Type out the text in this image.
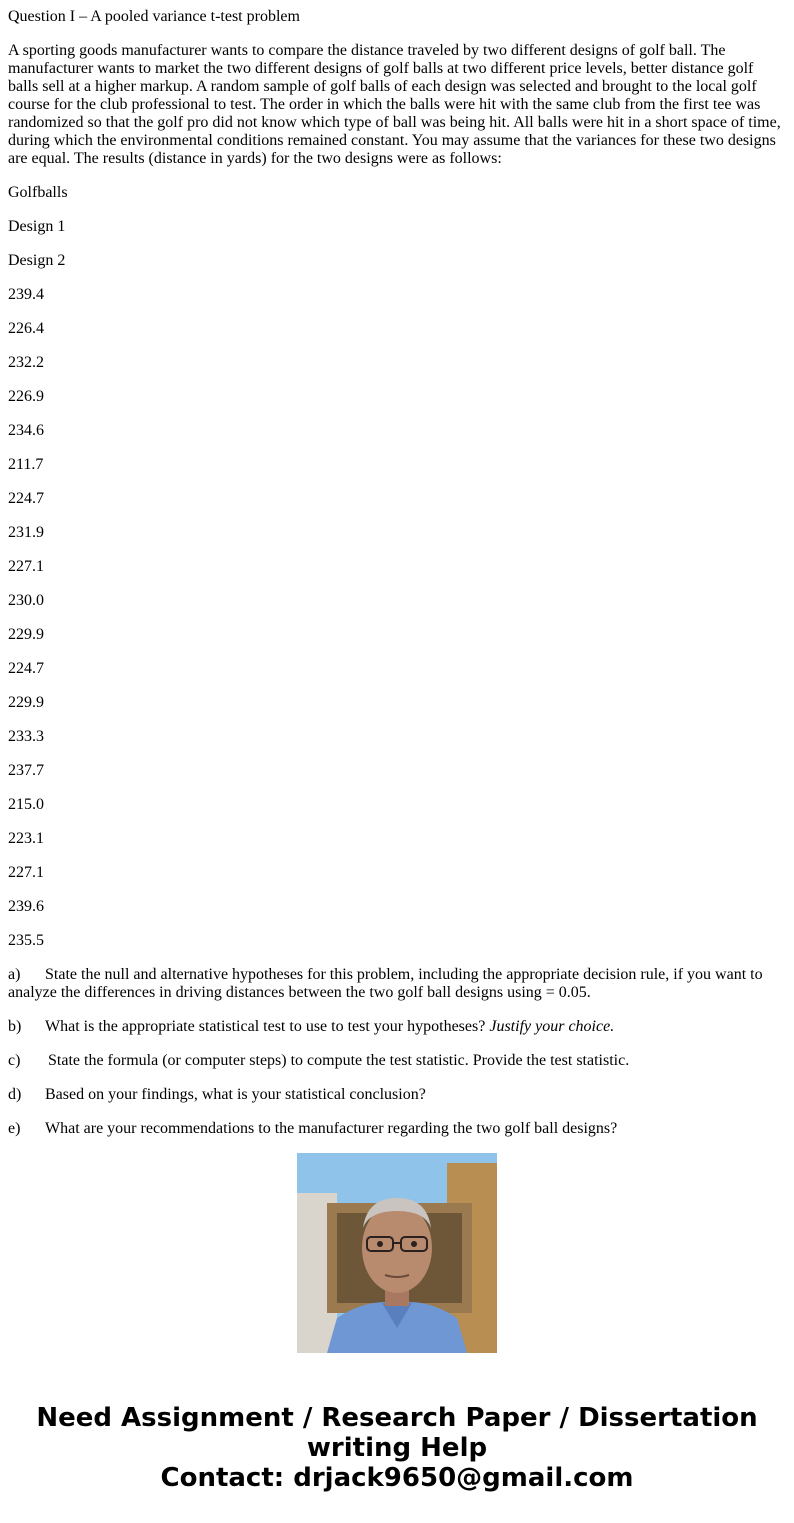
Question I – A pooled variance t-test problem

A sporting goods manufacturer wants to compare the distance traveled by two different designs of golf ball. The manufacturer wants to market the two different designs of golf balls at two different price levels, better distance golf balls sell at a higher markup. A random sample of golf balls of each design was selected and brought to the local golf course for the club professional to test. The order in which the balls were hit with the same club from the first tee was randomized so that the golf pro did not know which type of ball was being hit. All balls were hit in a short space of time, during which the environmental conditions remained constant. You may assume that the variances for these two designs are equal. The results (distance in yards) for the two designs were as follows:

Golfballs

Design 1

Design 2

239.4

226.4

232.2

226.9

234.6

211.7

224.7

231.9

227.1

230.0

229.9

224.7

229.9

233.3

237.7

215.0

223.1

227.1

239.6

235.5

a) State the null and alternative hypotheses for this problem, including the appropriate decision rule, if you want to analyze the differences in driving distances between the two golf ball designs using = 0.05.

b) What is the appropriate statistical test to use to test your hypotheses? Justify your choice.

c) State the formula (or computer steps) to compute the test statistic. Provide the test statistic.

d) Based on your findings, what is your statistical conclusion?

e) What are your recommendations to the manufacturer regarding the two golf ball designs?

Need Assignment / Research Paper / Dissertation
writing Help
Contact: drjack9650@gmail.com
